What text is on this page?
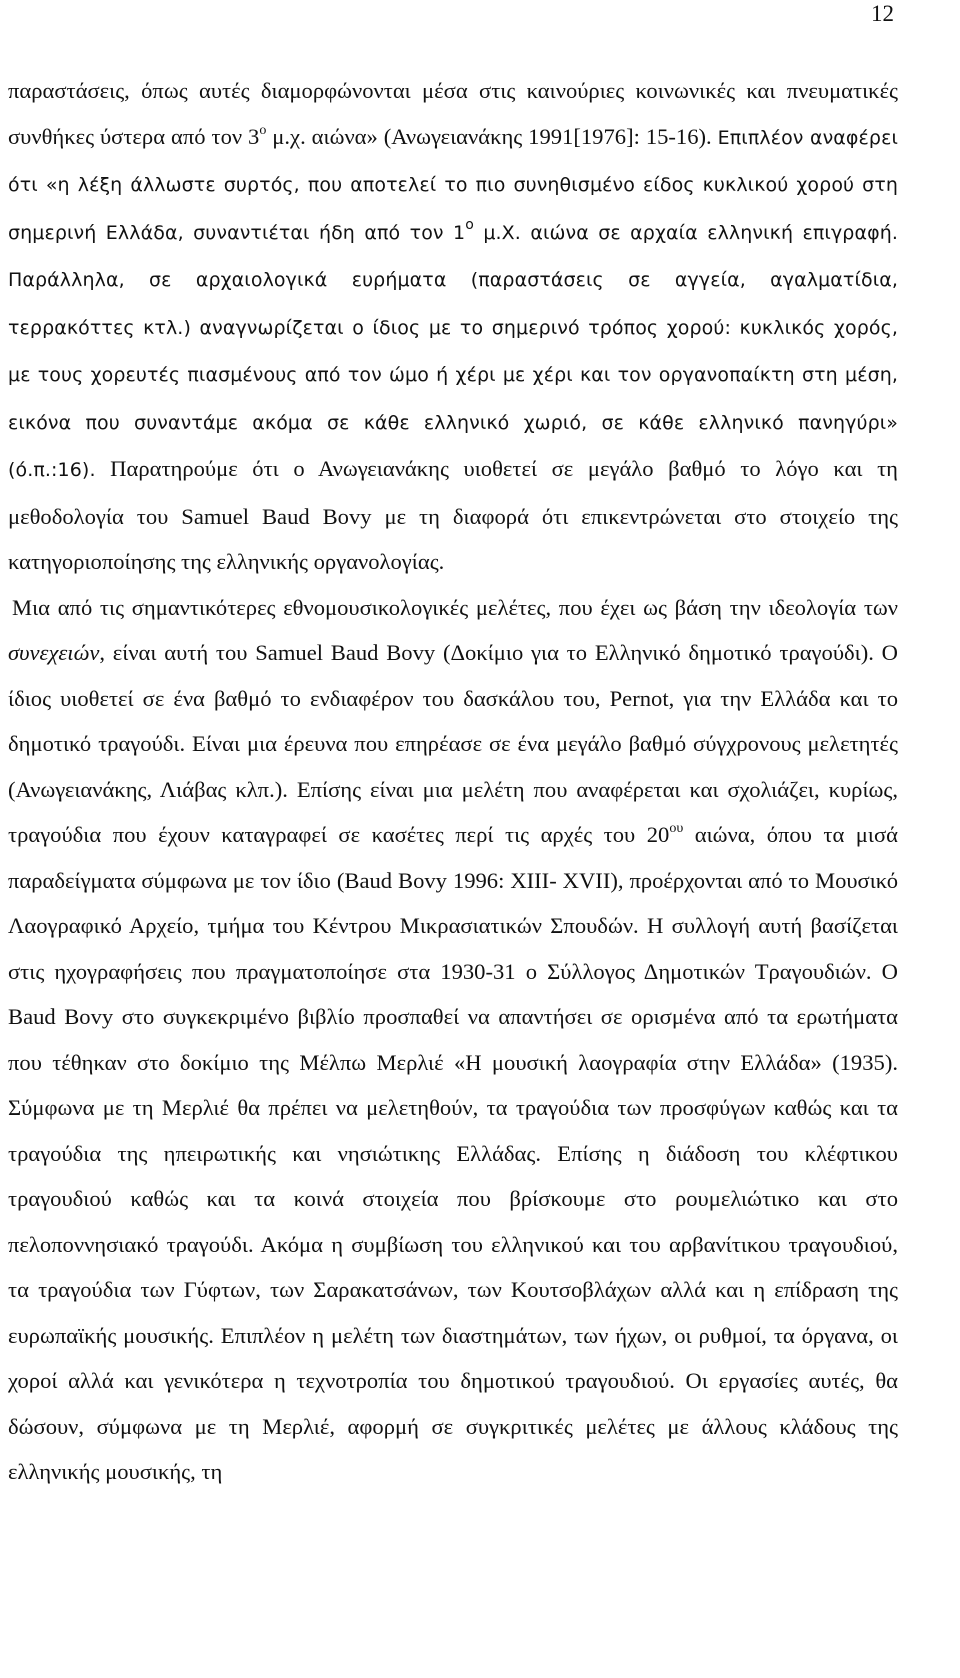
12

παραστάσεις, όπως αυτές διαμορφώνονται μέσα στις καινούριες κοινωνικές και πνευματικές συνθήκες ύστερα από τον $3^o$ μ.χ. αιώνα» (Ανωγειανάκης 1991[1976]: 15-16). Επιπλέον αναφέρει ότι «η λέξη άλλωστε συρτός, που αποτελεί το πιο συνηθισμένο είδος κυκλικού χορού στη σημερινή Ελλάδα, συναντιέται ήδη από τον $1^o$ μ.Χ. αιώνα σε αρχαία ελληνική επιγραφή. Παράλληλα, σε αρχαιολογικά ευρήματα (παραστάσεις σε αγγεία, αγαλματίδια, τερρακόττες κτλ.) αναγνωρίζεται ο ίδιος με το σημερινό τρόπος χορού: κυκλικός χορός, με τους χορευτές πιασμένους από τον ώμο ή χέρι με χέρι και τον οργανοπαίκτη στη μέση, εικόνα που συναντάμε ακόμα σε κάθε ελληνικό χωριό, σε κάθε ελληνικό πανηγύρι» (ό.π.:16). Παρατηρούμε ότι ο Ανωγειανάκης υιοθετεί σε μεγάλο βαθμό το λόγο και τη μεθοδολογία του Samuel Baud Bovy με τη διαφορά ότι επικεντρώνεται στο στοιχείο της κατηγοριοποίησης της ελληνικής οργανολογίας.

Μια από τις σημαντικότερες εθνομουσικολογικές μελέτες, που έχει ως βάση την ιδεολογία των συνεχειών, είναι αυτή του Samuel Baud Bovy (Δοκίμιο για το Ελληνικό δημοτικό τραγούδι). Ο ίδιος υιοθετεί σε ένα βαθμό το ενδιαφέρον του δασκάλου του, Pernot, για την Ελλάδα και το δημοτικό τραγούδι. Είναι μια έρευνα που επηρέασε σε ένα μεγάλο βαθμό σύγχρονους μελετητές (Ανωγειανάκης, Λιάβας κλπ.). Επίσης είναι μια μελέτη που αναφέρεται και σχολιάζει, κυρίως, τραγούδια που έχουν καταγραφεί σε κασέτες περί τις αρχές του $20^{o\upsilon}$ αιώνα, όπου τα μισά παραδείγματα σύμφωνα με τον ίδιο (Baud Bovy 1996: XIII- XVII), προέρχονται από το Μουσικό Λαογραφικό Αρχείο, τμήμα του Κέντρου Μικρασιατικών Σπουδών. Η συλλογή αυτή βασίζεται στις ηχογραφήσεις που πραγματοποίησε στα 1930-31 ο Σύλλογος Δημοτικών Τραγουδιών. Ο Baud Bovy στο συγκεκριμένο βιβλίο προσπαθεί να απαντήσει σε ορισμένα από τα ερωτήματα που τέθηκαν στο δοκίμιο της Μέλπω Μερλιέ «Η μουσική λαογραφία στην Ελλάδα» (1935). Σύμφωνα με τη Μερλιέ θα πρέπει να μελετηθούν, τα τραγούδια των προσφύγων καθώς και τα τραγούδια της ηπειρωτικής και νησιώτικης Ελλάδας. Επίσης η διάδοση του κλέφτικου τραγουδιού καθώς και τα κοινά στοιχεία που βρίσκουμε στο ρουμελιώτικο και στο πελοποννησιακό τραγούδι. Ακόμα η συμβίωση του ελληνικού και του αρβανίτικου τραγουδιού, τα τραγούδια των Γύφτων, των Σαρακατσάνων, των Κουτσοβλάχων αλλά και η επίδραση της ευρωπαϊκής μουσικής. Επιπλέον η μελέτη των διαστημάτων, των ήχων, οι ρυθμοί, τα όργανα, οι χοροί αλλά και γενικότερα η τεχνοτροπία του δημοτικού τραγουδιού. Οι εργασίες αυτές, θα δώσουν, σύμφωνα με τη Μερλιέ, αφορμή σε συγκριτικές μελέτες με άλλους κλάδους της ελληνικής μουσικής, τη
